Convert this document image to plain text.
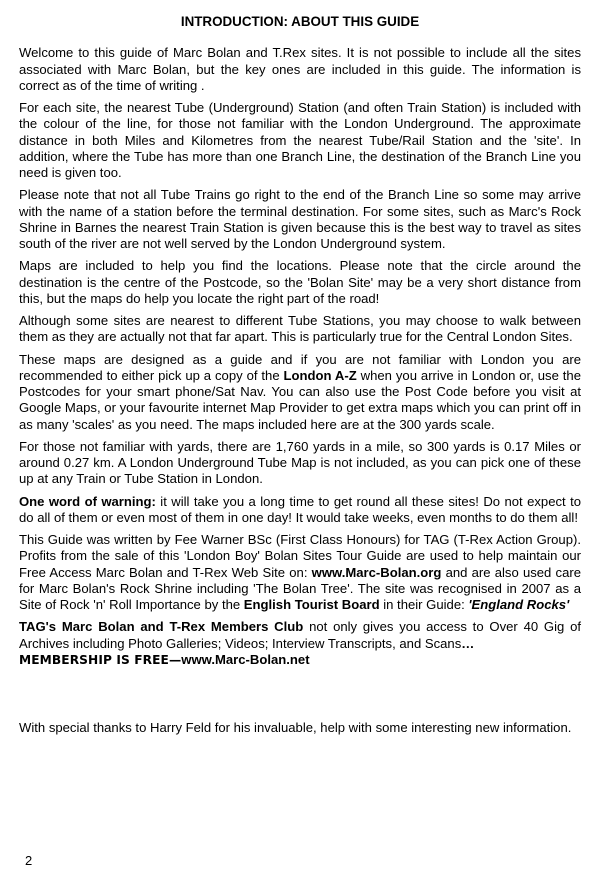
INTRODUCTION: ABOUT THIS GUIDE

Welcome to this guide of Marc Bolan and T.Rex sites. It is not possible to include all the sites associated with Marc Bolan, but the key ones are included in this guide. The information is correct as of the time of writing .

For each site, the nearest Tube (Underground) Station (and often Train Station) is included with the colour of the line, for those not familiar with the London Underground. The approximate distance in both Miles and Kilometres from the nearest Tube/Rail Station and the 'site'. In addition, where the Tube has more than one Branch Line, the destination of the Branch Line you need is given too.

Please note that not all Tube Trains go right to the end of the Branch Line so some may arrive with the name of a station before the terminal destination. For some sites, such as Marc's Rock Shrine in Barnes the nearest Train Station is given because this is the best way to travel as sites south of the river are not well served by the London Underground system.

Maps are included to help you find the locations. Please note that the circle around the destination is the centre of the Postcode, so the 'Bolan Site' may be a very short distance from this, but the maps do help you locate the right part of the road!

Although some sites are nearest to different Tube Stations, you may choose to walk between them as they are actually not that far apart. This is particularly true for the Central London Sites.

These maps are designed as a guide and if you are not familiar with London you are recommended to either pick up a copy of the London A-Z when you arrive in London or, use the Postcodes for your smart phone/Sat Nav. You can also use the Post Code before you visit at Google Maps, or your favourite internet Map Provider to get extra maps which you can print off in as many 'scales' as you need. The maps included here are at the 300 yards scale.

For those not familiar with yards, there are 1,760 yards in a mile, so 300 yards is 0.17 Miles or around 0.27 km. A London Underground Tube Map is not included, as you can pick one of these up at any Train or Tube Station in London.

One word of warning: it will take you a long time to get round all these sites! Do not expect to do all of them or even most of them in one day! It would take weeks, even months to do them all!

This Guide was written by Fee Warner BSc (First Class Honours) for TAG (T-Rex Action Group). Profits from the sale of this 'London Boy' Bolan Sites Tour Guide are used to help maintain our Free Access Marc Bolan and T-Rex Web Site on: www.Marc-Bolan.org and are also used care for Marc Bolan's Rock Shrine including 'The Bolan Tree'. The site was recognised in 2007 as a Site of Rock 'n' Roll Importance by the English Tourist Board in their Guide: 'England Rocks'

TAG's Marc Bolan and T-Rex Members Club not only gives you access to Over 40 Gig of Archives including Photo Galleries; Videos; Interview Transcripts, and Scans…

MEMBERSHIP IS FREE—www.Marc-Bolan.net

With special thanks to Harry Feld for his invaluable, help with some interesting new information.

2
